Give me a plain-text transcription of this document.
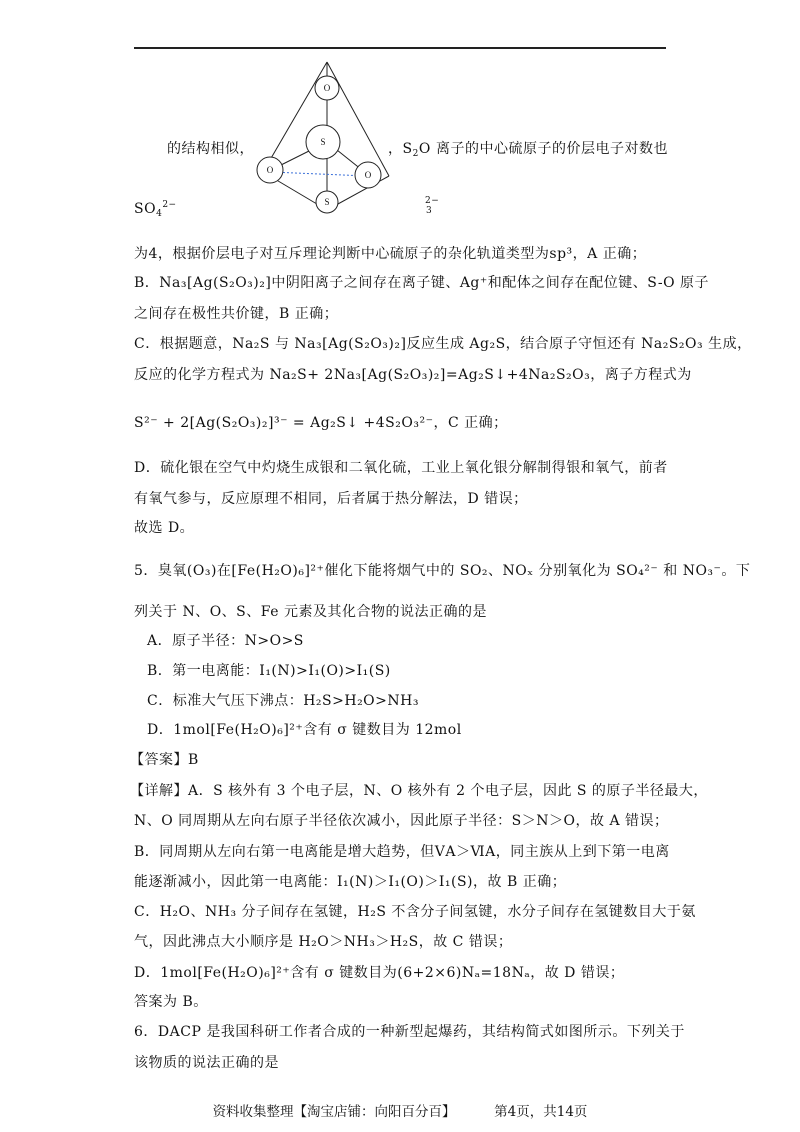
O
S
O	O
S
的结构相似，	，$S_2O$ 离子的中心硫原子的价层电子对数也
$SO_4^{2-}$	2−
3
为4，根据价层电子对互斥理论判断中心硫原子的杂化轨道类型为sp³，A 正确；
B．Na₃[Ag(S₂O₃)₂]中阴阳离子之间存在离子键、Ag⁺和配体之间存在配位键、S-O 原子
之间存在极性共价键，B 正确；
C．根据题意，Na₂S 与 Na₃[Ag(S₂O₃)₂]反应生成 Ag₂S，结合原子守恒还有 Na₂S₂O₃ 生成，
反应的化学方程式为 Na₂S+ 2Na₃[Ag(S₂O₃)₂]=Ag₂S↓+4Na₂S₂O₃，离子方程式为
S²⁻ + 2[Ag(S₂O₃)₂]³⁻ = Ag₂S↓ +4S₂O₃²⁻，C 正确；
D．硫化银在空气中灼烧生成银和二氧化硫，工业上氧化银分解制得银和氧气，前者
有氧气参与，反应原理不相同，后者属于热分解法，D 错误；
故选 D。
5．臭氧(O₃)在[Fe(H₂O)₆]²⁺催化下能将烟气中的 SO₂、NOₓ 分别氧化为 SO₄²⁻ 和 NO₃⁻。下
列关于 N、O、S、Fe 元素及其化合物的说法正确的是
A．原子半径：N>O>S
B．第一电离能：I₁(N)>I₁(O)>I₁(S)
C．标准大气压下沸点：H₂S>H₂O>NH₃
D．1mol[Fe(H₂O)₆]²⁺含有 σ 键数目为 12mol
【答案】B
【详解】A．S 核外有 3 个电子层，N、O 核外有 2 个电子层，因此 S 的原子半径最大，
N、O 同周期从左向右原子半径依次减小，因此原子半径：S＞N＞O，故 A 错误；
B．同周期从左向右第一电离能是增大趋势，但ⅤA＞ⅥA，同主族从上到下第一电离
能逐渐减小，因此第一电离能：I₁(N)＞I₁(O)＞I₁(S)，故 B 正确；
C．H₂O、NH₃ 分子间存在氢键，H₂S 不含分子间氢键，水分子间存在氢键数目大于氨
气，因此沸点大小顺序是 H₂O＞NH₃＞H₂S，故 C 错误；
D．1mol[Fe(H₂O)₆]²⁺含有 σ 键数目为(6+2×6)Nₐ=18Nₐ，故 D 错误；
答案为 B。
6．DACP 是我国科研工作者合成的一种新型起爆药，其结构简式如图所示。下列关于
该物质的说法正确的是
资料收集整理【淘宝店铺：向阳百分百】	第4页，共14页
